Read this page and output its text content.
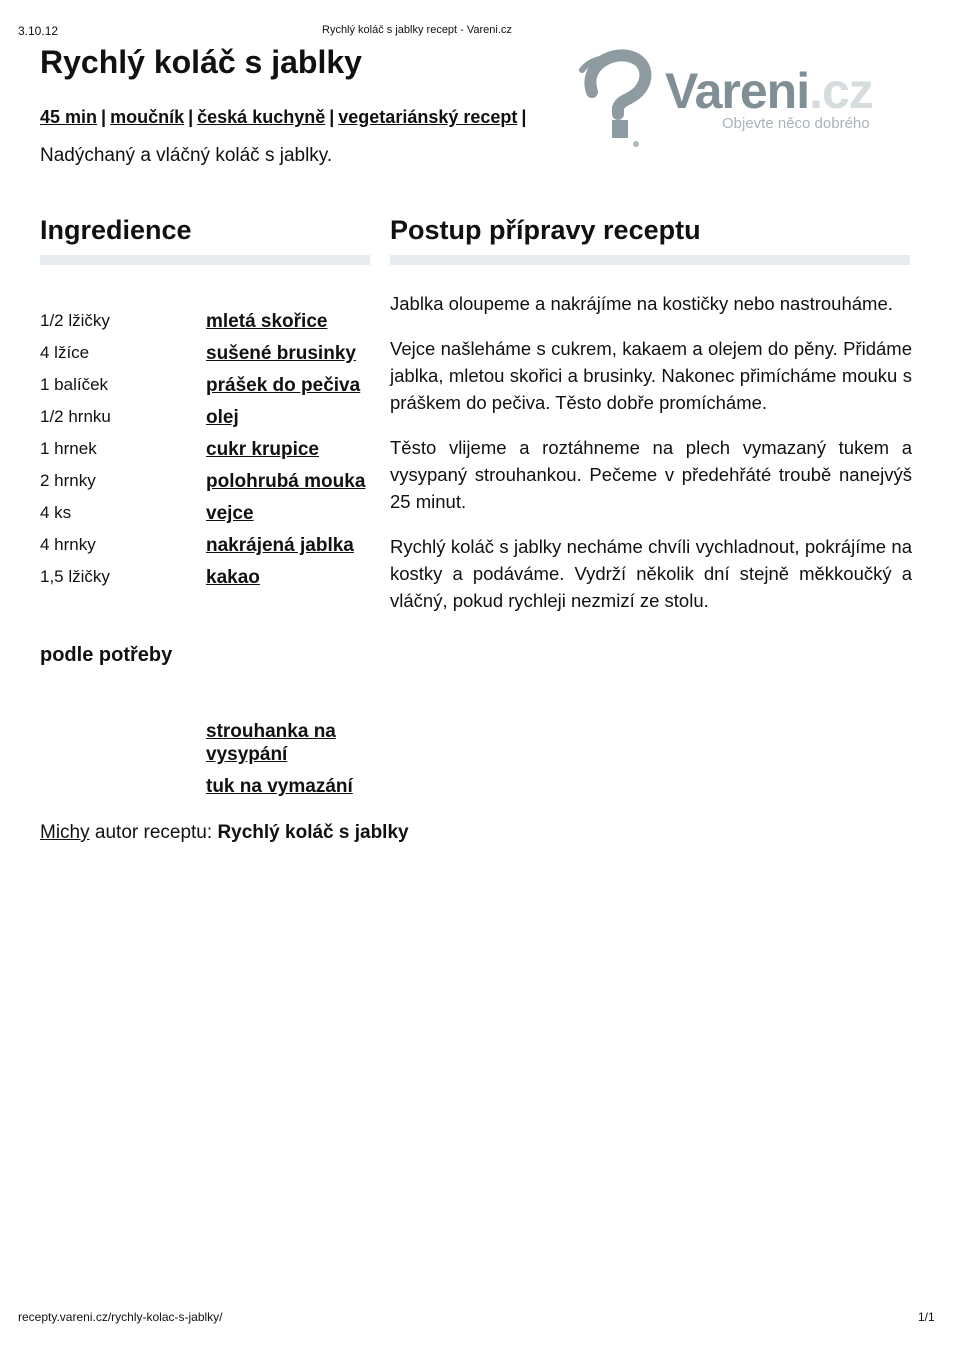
3.10.12	Rychlý koláč s jablky recept - Vareni.cz
Rychlý koláč s jablky
45 min | moučník | česká kuchyně | vegetariánský recept |
Nadýchaný a vláčný koláč s jablky.
Vareni.cz
Objevte něco dobrého
Ingredience	Postup přípravy receptu
1/2 lžičky	mletá skořice
4 lžíce	sušené brusinky
1 balíček	prášek do pečiva
1/2 hrnku	olej
1 hrnek	cukr krupice
2 hrnky	polohrubá mouka
4 ks	vejce
4 hrnky	nakrájená jablka
1,5 lžičky	kakao
podle potřeby
strouhanka na vysypání
tuk na vymazání

Jablka oloupeme a nakrájíme na kostičky nebo nastrouháme.

Vejce našleháme s cukrem, kakaem a olejem do pěny. Přidáme jablka, mletou skořici a brusinky. Nakonec přimícháme mouku s práškem do pečiva. Těsto dobře promícháme.

Těsto vlijeme a roztáhneme na plech vymazaný tukem a vysypaný strouhankou. Pečeme v předehřáté troubě nanejvýš 25 minut.

Rychlý koláč s jablky necháme chvíli vychladnout, pokrájíme na kostky a podáváme. Vydrží několik dní stejně měkkoučký a vláčný, pokud rychleji nezmizí ze stolu.

Michy autor receptu: Rychlý koláč s jablky
recepty.vareni.cz/rychly-kolac-s-jablky/	1/1
